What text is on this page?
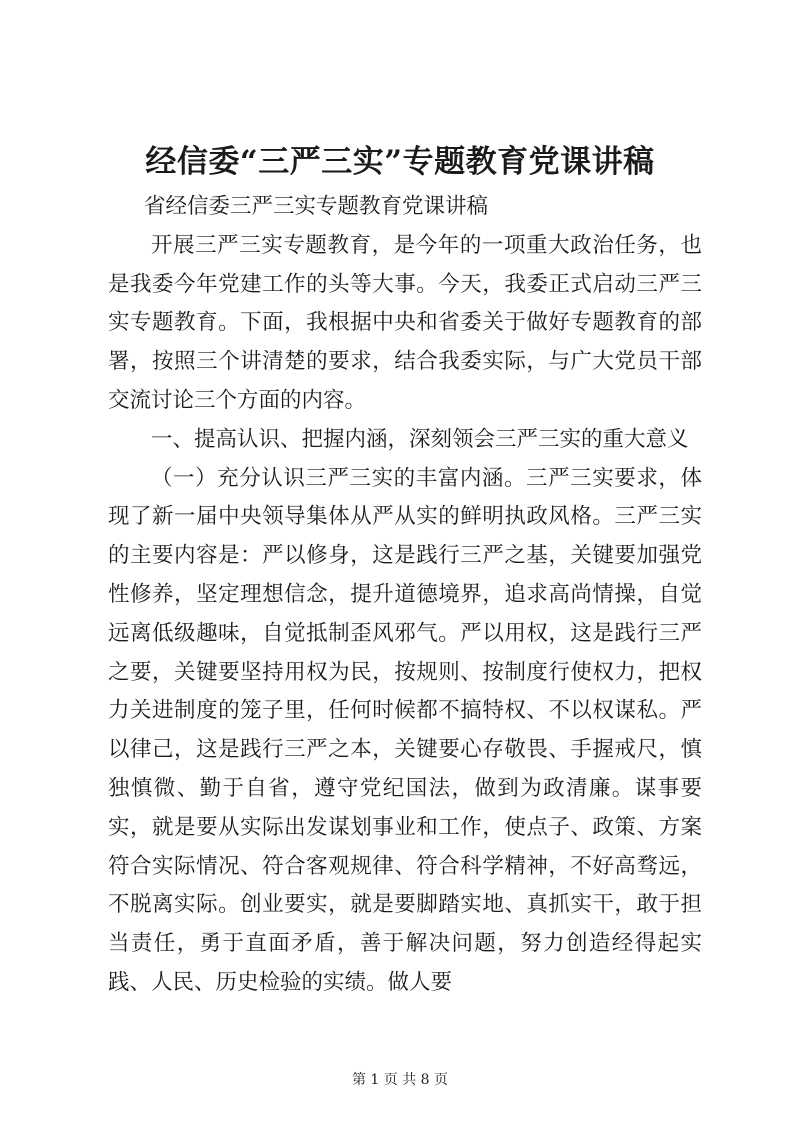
经信委“三严三实”专题教育党课讲稿

省经信委三严三实专题教育党课讲稿

开展三严三实专题教育，是今年的一项重大政治任务，也是我委今年党建工作的头等大事。今天，我委正式启动三严三实专题教育。下面，我根据中央和省委关于做好专题教育的部署，按照三个讲清楚的要求，结合我委实际，与广大党员干部交流讨论三个方面的内容。

一、提高认识、把握内涵，深刻领会三严三实的重大意义

（一）充分认识三严三实的丰富内涵。三严三实要求，体现了新一届中央领导集体从严从实的鲜明执政风格。三严三实的主要内容是：严以修身，这是践行三严之基，关键要加强党性修养，坚定理想信念，提升道德境界，追求高尚情操，自觉远离低级趣味，自觉抵制歪风邪气。严以用权，这是践行三严之要，关键要坚持用权为民，按规则、按制度行使权力，把权力关进制度的笼子里，任何时候都不搞特权、不以权谋私。严以律己，这是践行三严之本，关键要心存敬畏、手握戒尺，慎独慎微、勤于自省，遵守党纪国法，做到为政清廉。谋事要实，就是要从实际出发谋划事业和工作，使点子、政策、方案符合实际情况、符合客观规律、符合科学精神，不好高骛远，不脱离实际。创业要实，就是要脚踏实地、真抓实干，敢于担当责任，勇于直面矛盾，善于解决问题，努力创造经得起实践、人民、历史检验的实绩。做人要

第 1 页 共 8 页
